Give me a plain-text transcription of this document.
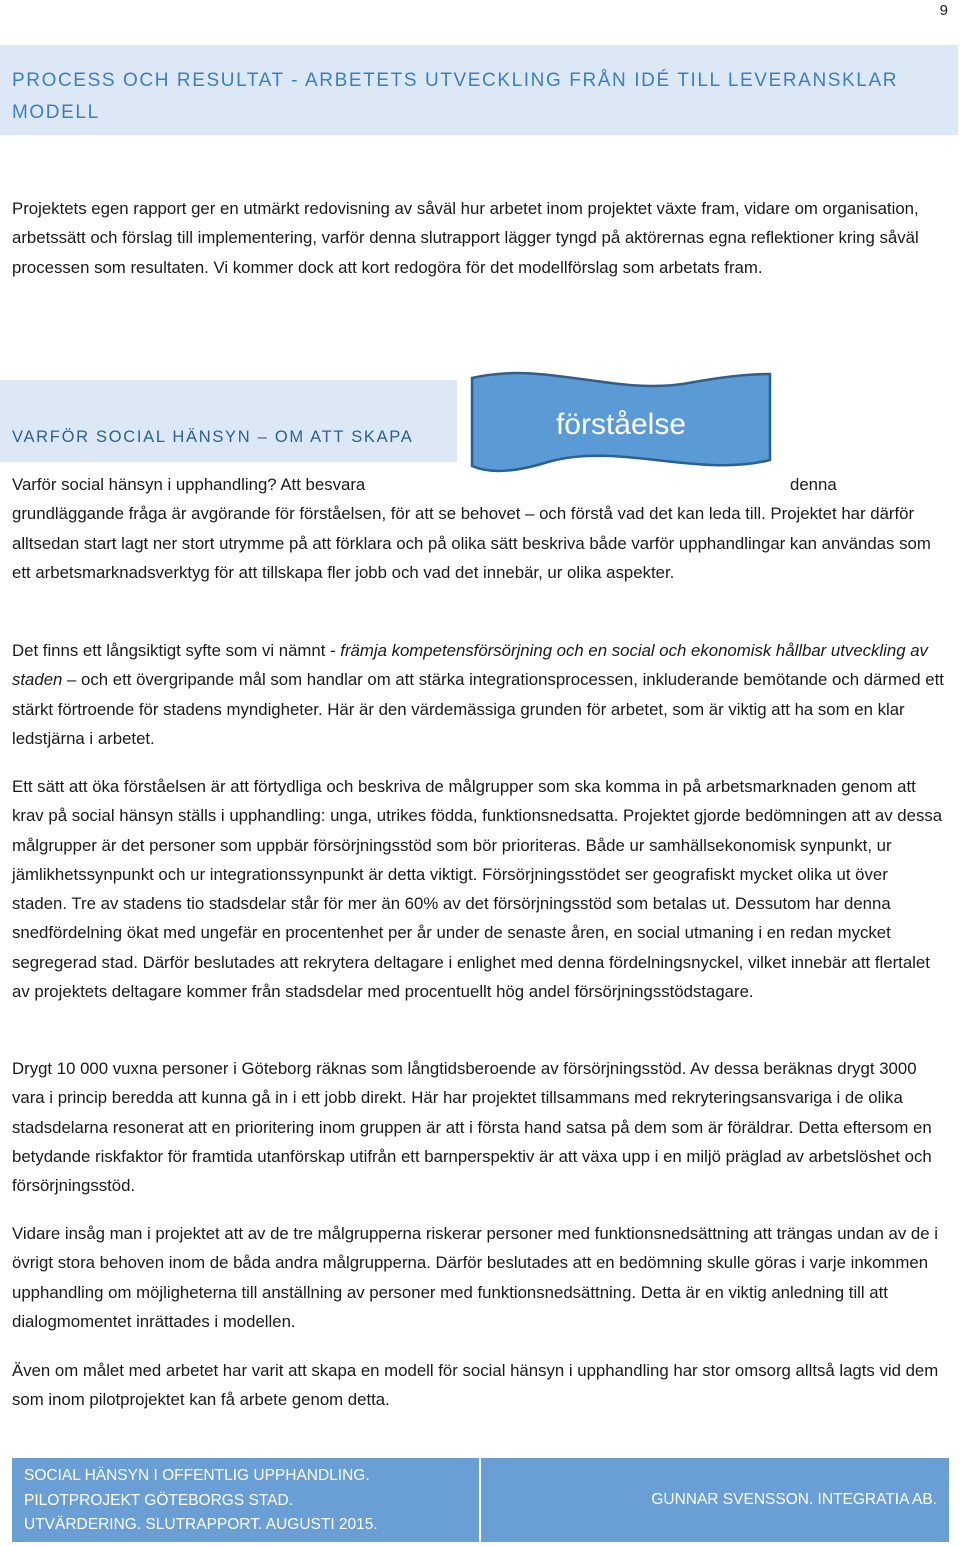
9
PROCESS OCH RESULTAT - ARBETETS UTVECKLING FRÅN IDÉ TILL LEVERANSKLAR MODELL

Projektets egen rapport ger en utmärkt redovisning av såväl hur arbetet inom projektet växte fram, vidare om organisation, arbetssätt och förslag till implementering, varför denna slutrapport lägger tyngd på aktörernas egna reflektioner kring såväl processen som resultaten. Vi kommer dock att kort redogöra för det modellförslag som arbetats fram.

VARFÖR SOCIAL HÄNSYN – OM ATT SKAPA	förståelse
Varför social hänsyn i upphandling? Att besvara	denna
grundläggande fråga är avgörande för förståelsen, för att se behovet – och förstå vad det kan leda till. Projektet har därför alltsedan start lagt ner stort utrymme på att förklara och på olika sätt beskriva både varför upphandlingar kan användas som ett arbetsmarknadsverktyg för att tillskapa fler jobb och vad det innebär, ur olika aspekter.

Det finns ett långsiktigt syfte som vi nämnt - främja kompetensförsörjning och en social och ekonomisk hållbar utveckling av staden – och ett övergripande mål som handlar om att stärka integrationsprocessen, inkluderande bemötande och därmed ett stärkt förtroende för stadens myndigheter. Här är den värdemässiga grunden för arbetet, som är viktig att ha som en klar ledstjärna i arbetet.

Ett sätt att öka förståelsen är att förtydliga och beskriva de målgrupper som ska komma in på arbetsmarknaden genom att krav på social hänsyn ställs i upphandling: unga, utrikes födda, funktionsnedsatta. Projektet gjorde bedömningen att av dessa målgrupper är det personer som uppbär försörjningsstöd som bör prioriteras. Både ur samhällsekonomisk synpunkt, ur jämlikhetssynpunkt och ur integrationssynpunkt är detta viktigt. Försörjningsstödet ser geografiskt mycket olika ut över staden. Tre av stadens tio stadsdelar står för mer än 60% av det försörjningsstöd som betalas ut. Dessutom har denna snedfördelning ökat med ungefär en procentenhet per år under de senaste åren, en social utmaning i en redan mycket segregerad stad. Därför beslutades att rekrytera deltagare i enlighet med denna fördelningsnyckel, vilket innebär att flertalet av projektets deltagare kommer från stadsdelar med procentuellt hög andel försörjningsstödstagare.

Drygt 10 000 vuxna personer i Göteborg räknas som långtidsberoende av försörjningsstöd. Av dessa beräknas drygt 3000 vara i princip beredda att kunna gå in i ett jobb direkt. Här har projektet tillsammans med rekryteringsansvariga i de olika stadsdelarna resonerat att en prioritering inom gruppen är att i första hand satsa på dem som är föräldrar. Detta eftersom en betydande riskfaktor för framtida utanförskap utifrån ett barnperspektiv är att växa upp i en miljö präglad av arbetslöshet och försörjningsstöd.

Vidare insåg man i projektet att av de tre målgrupperna riskerar personer med funktionsnedsättning att trängas undan av de i övrigt stora behoven inom de båda andra målgrupperna. Därför beslutades att en bedömning skulle göras i varje inkommen upphandling om möjligheterna till anställning av personer med funktionsnedsättning. Detta är en viktig anledning till att dialogmomentet inrättades i modellen.

Även om målet med arbetet har varit att skapa en modell för social hänsyn i upphandling har stor omsorg alltså lagts vid dem som inom pilotprojektet kan få arbete genom detta.

SOCIAL HÄNSYN I OFFENTLIG UPPHANDLING.
PILOTPROJEKT GÖTEBORGS STAD.
UTVÄRDERING. SLUTRAPPORT. AUGUSTI 2015.
GUNNAR SVENSSON. INTEGRATIA AB.
